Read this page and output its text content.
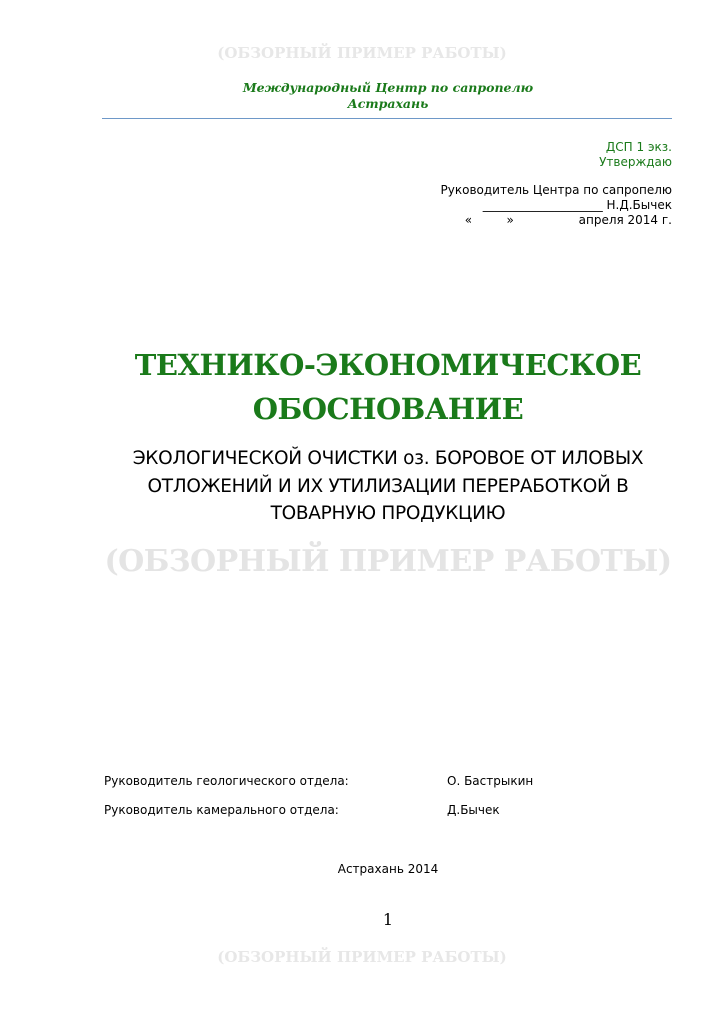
(ОБЗОРНЫЙ ПРИМЕР РАБОТЫ)
Международный Центр по сапропелю
Астрахань
ДСП 1 экз.
Утверждаю
Руководитель Центра по сапропелю
____________________ Н.Д.Бычек
«         »                 апреля 2014 г.
ТЕХНИКО-ЭКОНОМИЧЕСКОЕ
ОБОСНОВАНИЕ
ЭКОЛОГИЧЕСКОЙ ОЧИСТКИ оз. БОРОВОЕ ОТ ИЛОВЫХ
ОТЛОЖЕНИЙ И ИХ УТИЛИЗАЦИИ ПЕРЕРАБОТКОЙ В
ТОВАРНУЮ ПРОДУКЦИЮ
(ОБЗОРНЫЙ ПРИМЕР РАБОТЫ)
Руководитель геологического отдела:	О. Бастрыкин
Руководитель камерального отдела:	Д.Бычек
Астрахань 2014
1
(ОБЗОРНЫЙ ПРИМЕР РАБОТЫ)
